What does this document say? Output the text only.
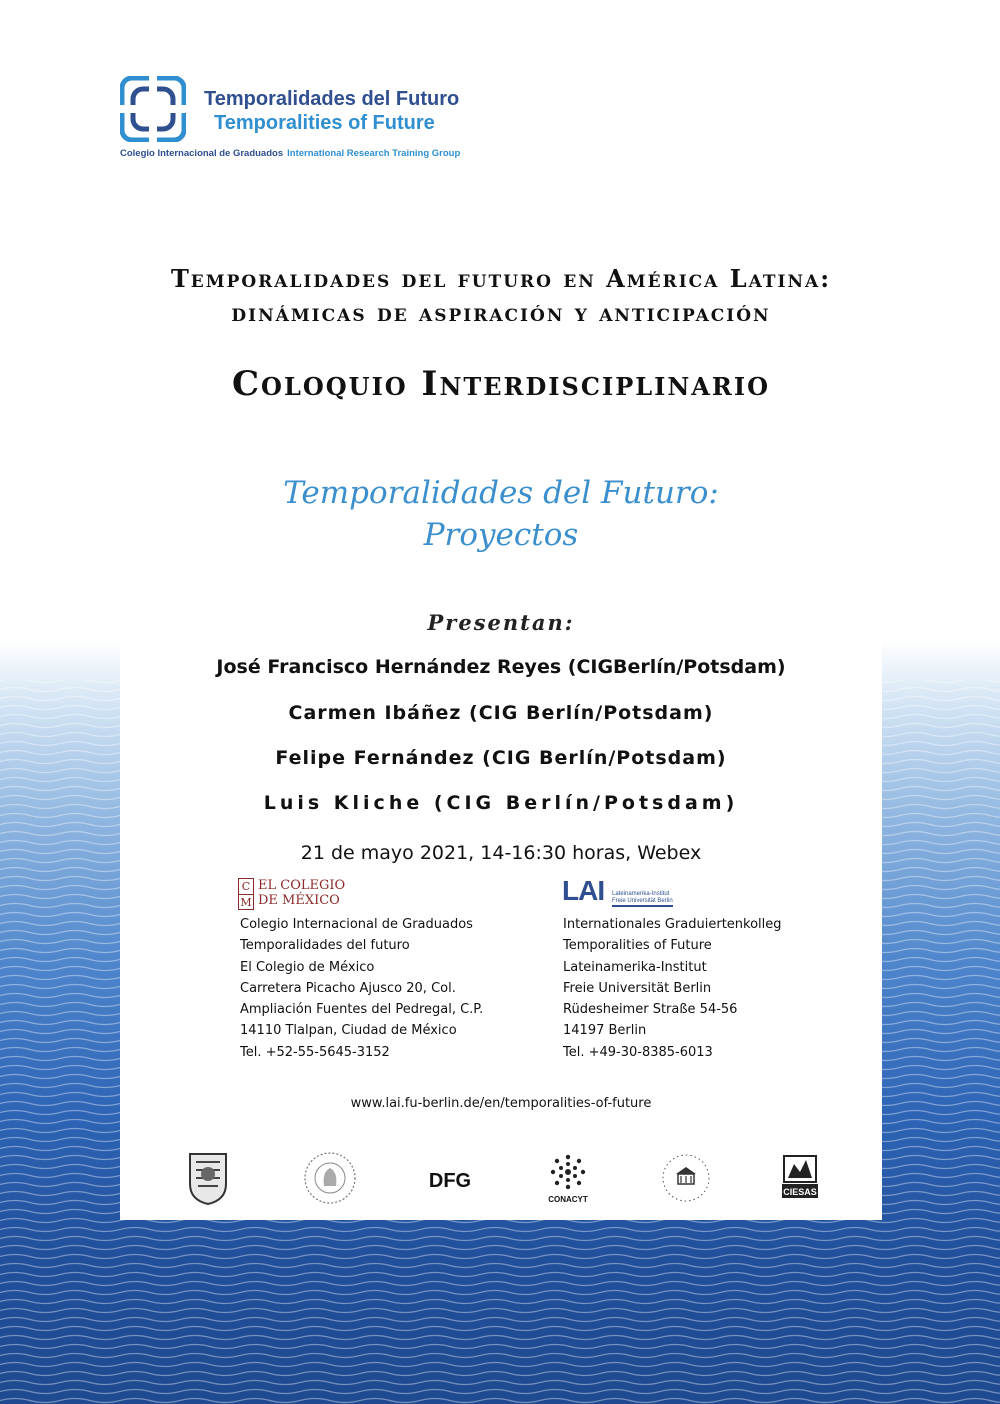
Temporalidades del Futuro
Temporalities of Future
Colegio Internacional de Graduados International Research Training Group
Temporalidades del futuro en América Latina:
dinámicas de aspiración y anticipación
Coloquio Interdisciplinario
Temporalidades del Futuro:
Proyectos
Presentan:
José Francisco Hernández Reyes (CIGBerlín/Potsdam)
Carmen Ibáñez (CIG Berlín/Potsdam)
Felipe Fernández (CIG Berlín/Potsdam)
Luis Kliche (CIG Berlín/Potsdam)
21 de mayo 2021, 14-16:30 horas, Webex
C
M
EL COLEGIO
DE MÉXICO	LAI Lateinamerika-Institut
Freie Universität Berlin
Colegio Internacional de Graduados
Temporalidades del futuro
El Colegio de México
Carretera Picacho Ajusco 20, Col.
Ampliación Fuentes del Pedregal, C.P.
14110 Tlalpan, Ciudad de México
Tel. +52-55-5645-3152
Internationales Graduiertenkolleg
Temporalities of Future
Lateinamerika-Institut
Freie Universität Berlin
Rüdesheimer Straße 54-56
14197 Berlin
Tel. +49-30-8385-6013
www.lai.fu-berlin.de/en/temporalities-of-future
DFG
CONACYT
CIESAS
